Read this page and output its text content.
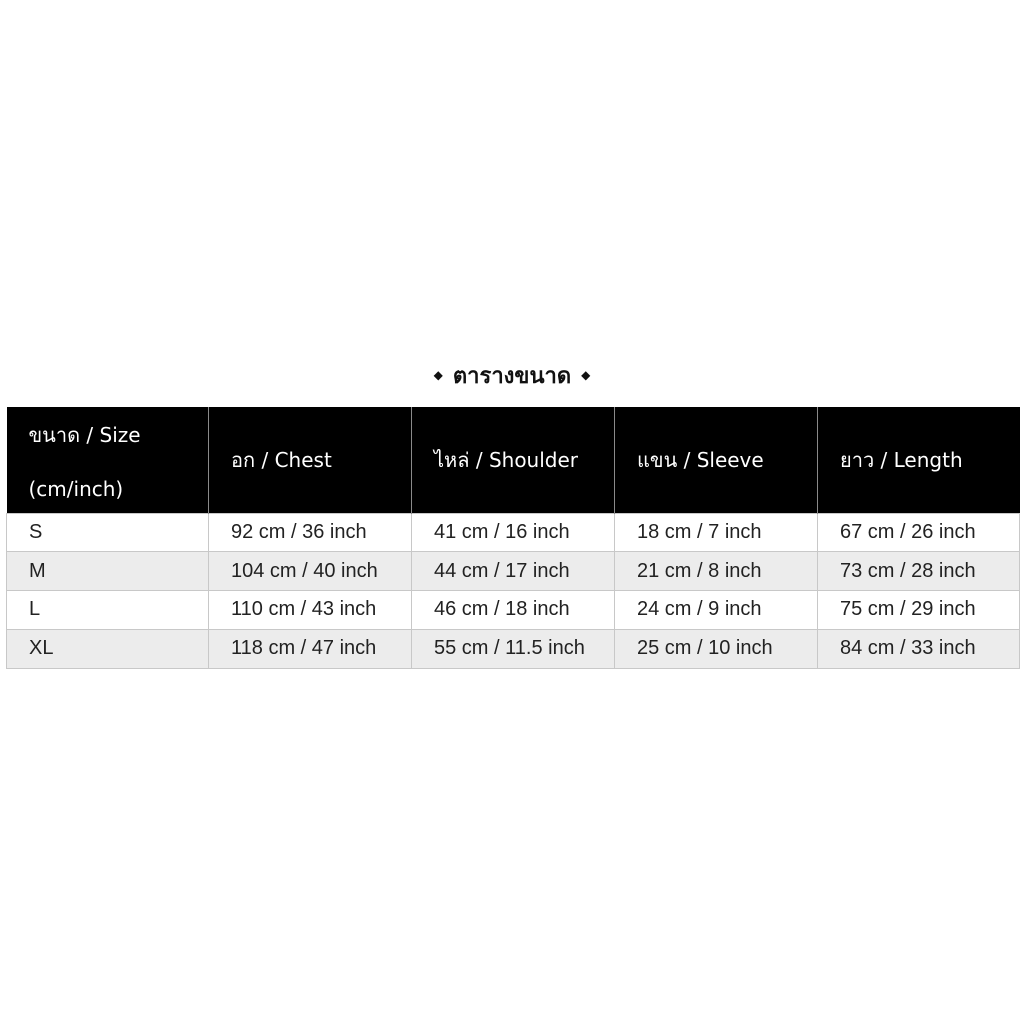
◆ ตารางขนาด ◆
ขนาด / Size
(cm/inch)	อก / Chest	ไหล่ / Shoulder	แขน / Sleeve	ยาว / Length
S	92 cm / 36 inch	41 cm / 16 inch	18 cm / 7 inch	67 cm / 26 inch
M	104 cm / 40 inch	44 cm / 17 inch	21 cm / 8 inch	73 cm / 28 inch
L	110 cm / 43 inch	46 cm / 18 inch	24 cm / 9 inch	75 cm / 29 inch
XL	118 cm / 47 inch	55 cm / 11.5 inch	25 cm / 10 inch	84 cm / 33 inch
